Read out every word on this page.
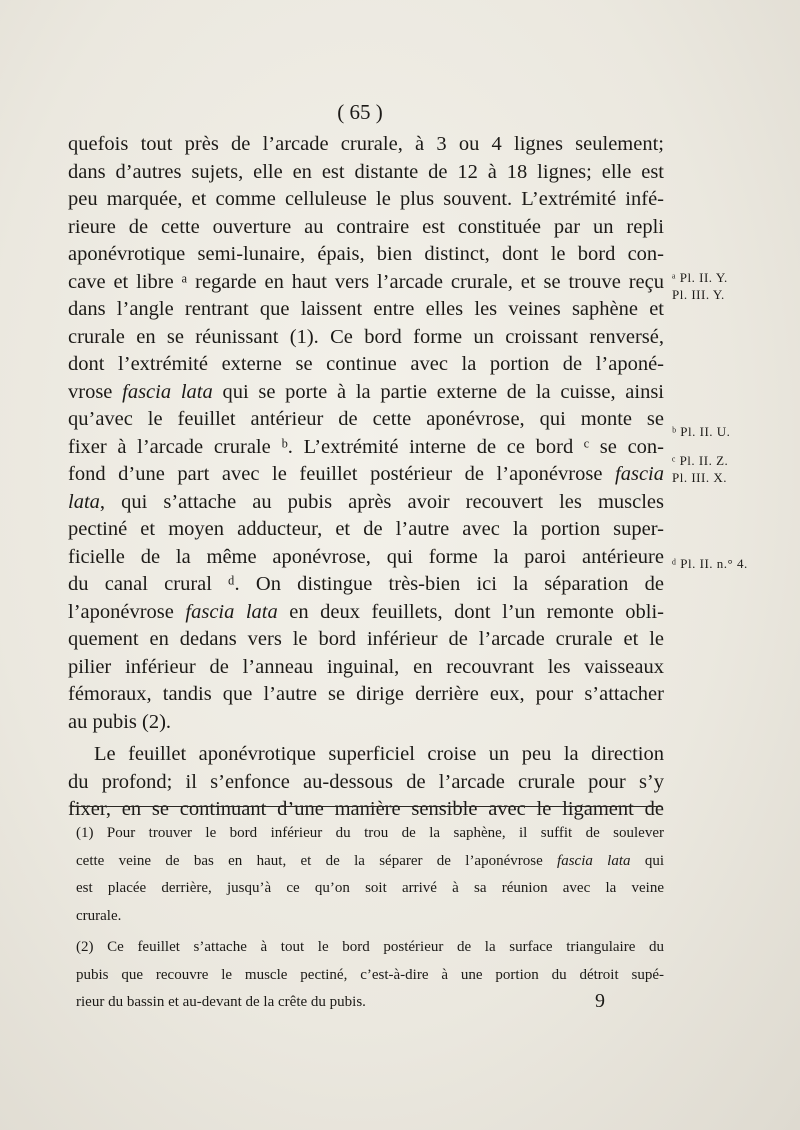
( 65 )
quefois tout près de l’arcade crurale, à 3 ou 4 lignes seulement;
dans d’autres sujets, elle en est distante de 12 à 18 lignes; elle est
peu marquée, et comme celluleuse le plus souvent. L’extrémité infé-
rieure de cette ouverture au contraire est constituée par un repli
aponévrotique semi-lunaire, épais, bien distinct, dont le bord con-
cave et libre ᵃ regarde en haut vers l’arcade crurale, et se trouve reçu
dans l’angle rentrant que laissent entre elles les veines saphène et
crurale en se réunissant (1). Ce bord forme un croissant renversé,
dont l’extrémité externe se continue avec la portion de l’aponé-
vrose fascia lata qui se porte à la partie externe de la cuisse, ainsi
qu’avec le feuillet antérieur de cette aponévrose, qui monte se
fixer à l’arcade crurale ᵇ. L’extrémité interne de ce bord ᶜ se con-
fond d’une part avec le feuillet postérieur de l’aponévrose fascia
lata, qui s’attache au pubis après avoir recouvert les muscles
pectiné et moyen adducteur, et de l’autre avec la portion super-
ficielle de la même aponévrose, qui forme la paroi antérieure
du canal crural ᵈ. On distingue très-bien ici la séparation de
l’aponévrose fascia lata en deux feuillets, dont l’un remonte obli-
quement en dedans vers le bord inférieur de l’arcade crurale et le
pilier inférieur de l’anneau inguinal, en recouvrant les vaisseaux
fémoraux, tandis que l’autre se dirige derrière eux, pour s’attacher
au pubis (2).
Le feuillet aponévrotique superficiel croise un peu la direction
du profond; il s’enfonce au-dessous de l’arcade crurale pour s’y
fixer, en se continuant d’une manière sensible avec le ligament de
ᵃ Pl. II. Y.
Pl. III. Y.
ᵇ Pl. II. U.
ᶜ Pl. II. Z.
Pl. III. X.
ᵈ Pl. II. n.° 4.
(1) Pour trouver le bord inférieur du trou de la saphène, il suffit de soulever
cette veine de bas en haut, et de la séparer de l’aponévrose fascia lata qui
est placée derrière, jusqu’à ce qu’on soit arrivé à sa réunion avec la veine
crurale.
(2) Ce feuillet s’attache à tout le bord postérieur de la surface triangulaire du
pubis que recouvre le muscle pectiné, c’est-à-dire à une portion du détroit supé-
rieur du bassin et au-devant de la crête du pubis.	9
